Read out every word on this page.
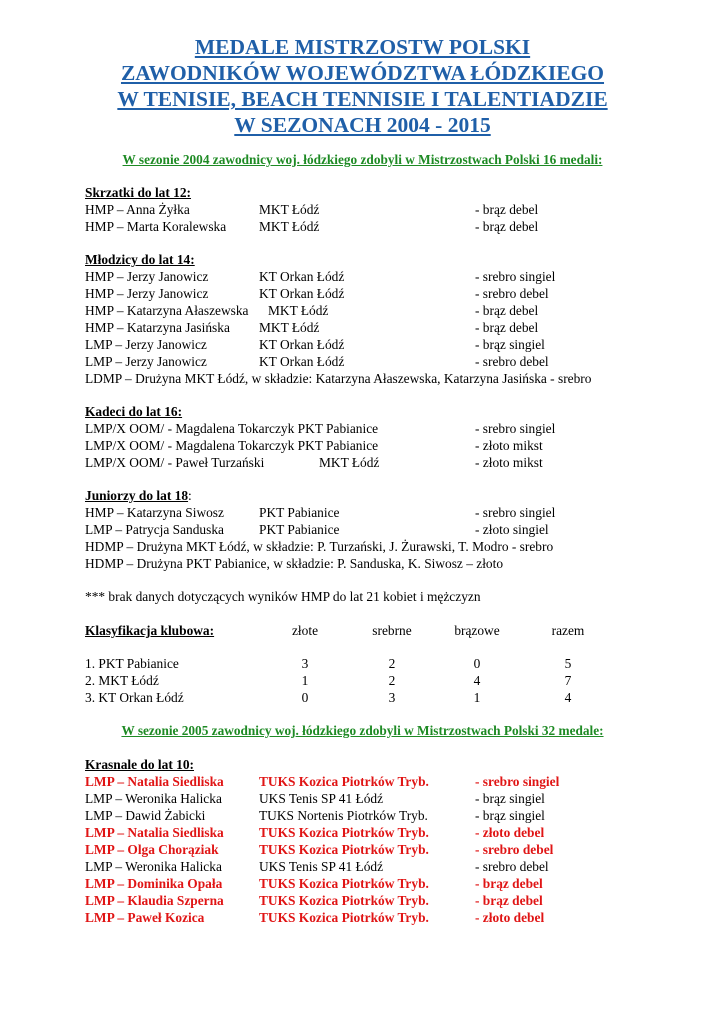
MEDALE MISTRZOSTW POLSKI
ZAWODNIKÓW WOJEWÓDZTWA ŁÓDZKIEGO
W TENISIE, BEACH TENNISIE I TALENTIADZIE
W SEZONACH 2004 - 2015
W sezonie 2004 zawodnicy woj. łódzkiego zdobyli w Mistrzostwach Polski 16 medali:
Skrzatki do lat 12:
HMP – Anna Żyłka	MKT Łódź	- brąz debel
HMP – Marta Koralewska MKT Łódź	- brąz debel
Młodzicy do lat 14:
HMP – Jerzy Janowicz	KT Orkan Łódź	- srebro singiel
HMP – Jerzy Janowicz	KT Orkan Łódź	- srebro debel
HMP – Katarzyna Ałaszewska MKT Łódź	- brąz debel
HMP – Katarzyna Jasińska MKT Łódź	- brąz debel
LMP – Jerzy Janowicz	KT Orkan Łódź	- brąz singiel
LMP – Jerzy Janowicz	KT Orkan Łódź	- srebro debel
LDMP – Drużyna MKT Łódź, w składzie: Katarzyna Ałaszewska, Katarzyna Jasińska - srebro
Kadeci do lat 16:
LMP/X OOM/ - Magdalena Tokarczyk PKT Pabianice	- srebro singiel
LMP/X OOM/ - Magdalena Tokarczyk PKT Pabianice	- złoto mikst
LMP/X OOM/ - Paweł Turzański	MKT Łódź	- złoto mikst
Juniorzy do lat 18:
HMP – Katarzyna Siwosz	PKT Pabianice	- srebro singiel
LMP – Patrycja Sanduska	PKT Pabianice	- złoto singiel
HDMP – Drużyna MKT Łódź, w składzie: P. Turzański, J. Żurawski, T. Modro - srebro
HDMP – Drużyna PKT Pabianice, w składzie: P. Sanduska, K. Siwosz – złoto
*** brak danych dotyczących wyników HMP do lat 21 kobiet i mężczyzn
Klasyfikacja klubowa:	złote	srebrne	brązowe	razem
1. PKT Pabianice	3	2	0	5
2. MKT Łódź	1	2	4	7
3. KT Orkan Łódź	0	3	1	4
W sezonie 2005 zawodnicy woj. łódzkiego zdobyli w Mistrzostwach Polski 32 medale:
Krasnale do lat 10:
LMP – Natalia Siedliska	TUKS Kozica Piotrków Tryb.	- srebro singiel
LMP – Weronika Halicka	UKS Tenis SP 41 Łódź	- brąz singiel
LMP – Dawid Żabicki	TUKS Nortenis Piotrków Tryb.	- brąz singiel
LMP – Natalia Siedliska	TUKS Kozica Piotrków Tryb.	- złoto debel
LMP – Olga Chorąziak	TUKS Kozica Piotrków Tryb.	- srebro debel
LMP – Weronika Halicka	UKS Tenis SP 41 Łódź	- srebro debel
LMP – Dominika Opała	TUKS Kozica Piotrków Tryb.	- brąz debel
LMP – Klaudia Szperna	TUKS Kozica Piotrków Tryb.	- brąz debel
LMP – Paweł Kozica	TUKS Kozica Piotrków Tryb.	- złoto debel
